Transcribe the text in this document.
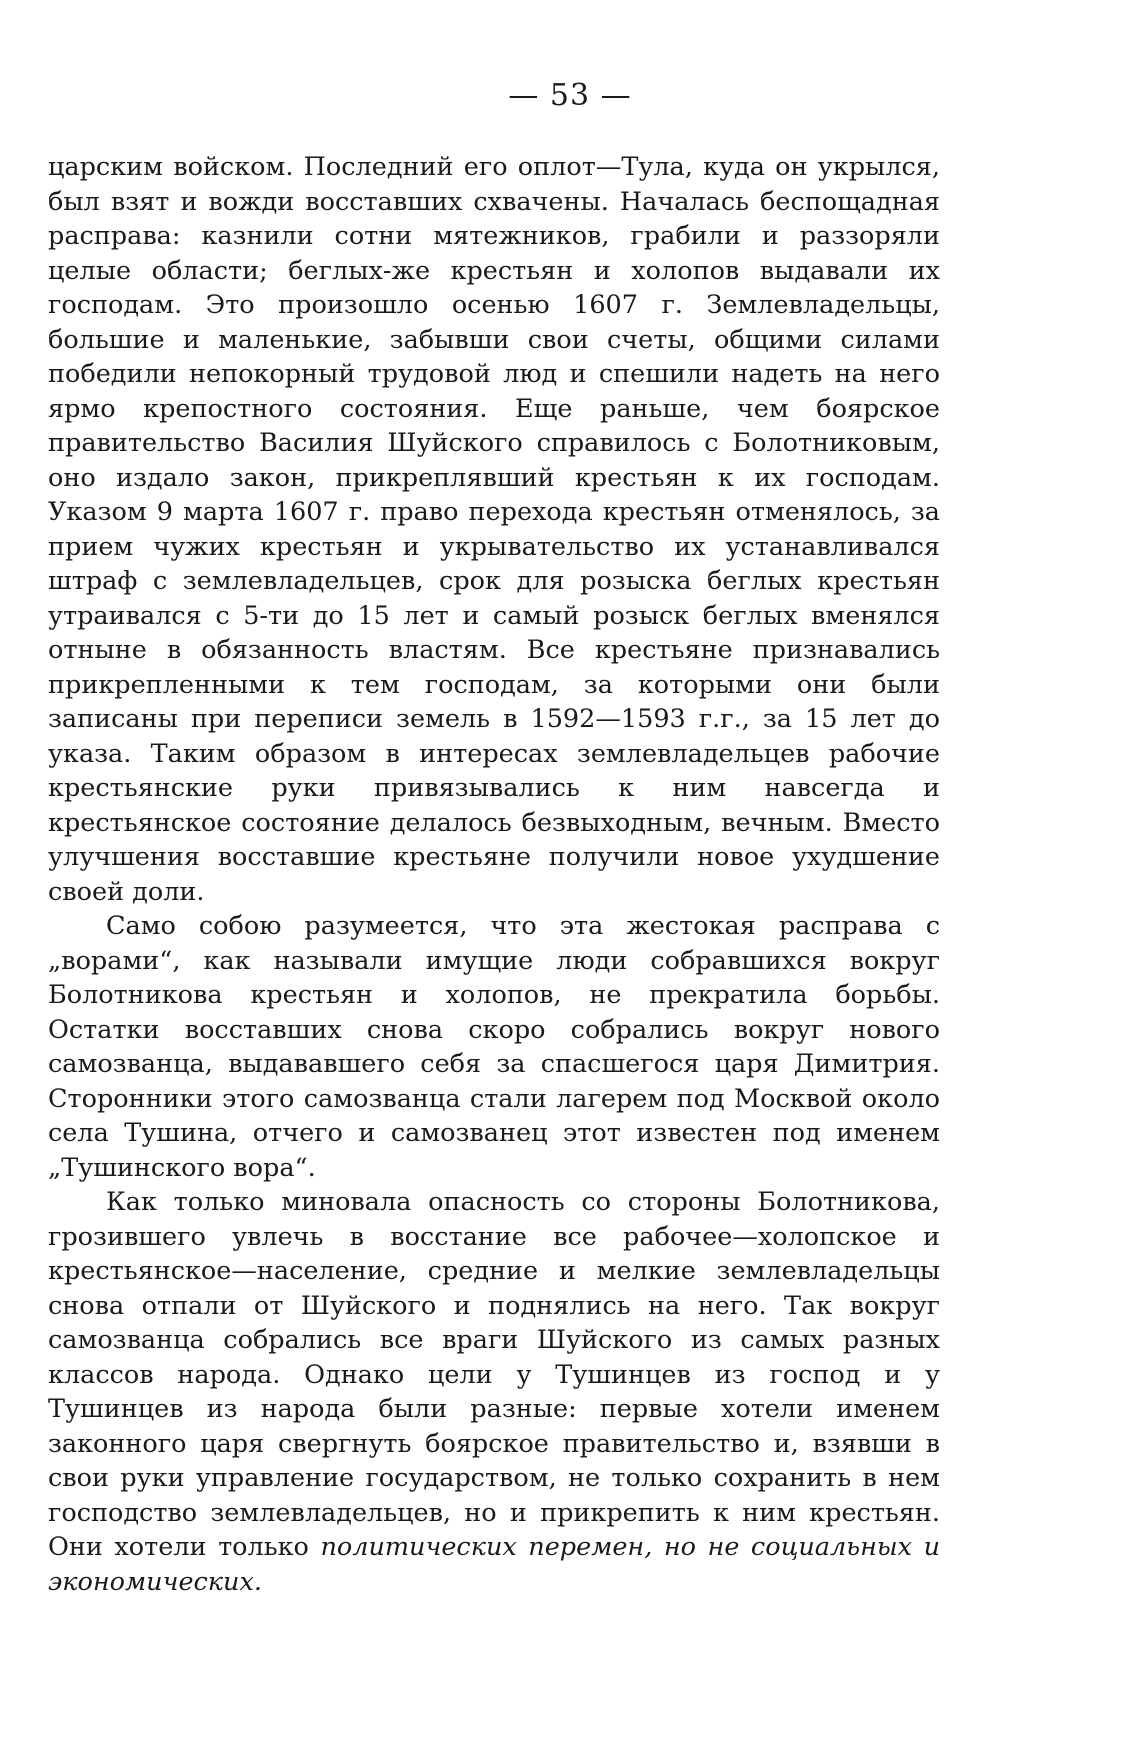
— 53 —

царским войском. Последний его оплот—Тула, куда он укрылся, был взят и вожди восставших схвачены. Началась беспощадная расправа: казнили сотни мятежников, грабили и раззоряли целые области; беглых-же крестьян и холопов выдавали их господам. Это произошло осенью 1607 г. Землевладельцы, большие и маленькие, забывши свои счеты, общими силами победили непокорный трудовой люд и спешили надеть на него ярмо крепостного состояния. Еще раньше, чем боярское правительство Василия Шуйского справилось с Болотниковым, оно издало закон, прикреплявший крестьян к их господам. Указом 9 марта 1607 г. право перехода крестьян отменялось, за прием чужих крестьян и укрывательство их устанавливался штраф с землевладельцев, срок для розыска беглых крестьян утраивался с 5-ти до 15 лет и самый розыск беглых вменялся отныне в обязанность властям. Все крестьяне признавались прикрепленными к тем господам, за которыми они были записаны при переписи земель в 1592—1593 г.г., за 15 лет до указа. Таким образом в интересах землевладельцев рабочие крестьянские руки привязывались к ним навсегда и крестьянское состояние делалось безвыходным, вечным. Вместо улучшения восставшие крестьяне получили новое ухудшение своей доли.

Само собою разумеется, что эта жестокая расправа с „ворами“, как называли имущие люди собравшихся вокруг Болотникова крестьян и холопов, не прекратила борьбы. Остатки восставших снова скоро собрались вокруг нового самозванца, выдававшего себя за спасшегося царя Димитрия. Сторонники этого самозванца стали лагерем под Москвой около села Тушина, отчего и самозванец этот известен под именем „Тушинского вора“.

Как только миновала опасность со стороны Болотникова, грозившего увлечь в восстание все рабочее—холопское и крестьянское—население, средние и мелкие землевладельцы снова отпали от Шуйского и поднялись на него. Так вокруг самозванца собрались все враги Шуйского из самых разных классов народа. Однако цели у Тушинцев из господ и у Тушинцев из народа были разные: первые хотели именем законного царя свергнуть боярское правительство и, взявши в свои руки управление государством, не только сохранить в нем господство землевладельцев, но и прикрепить к ним крестьян. Они хотели только политических перемен, но не социальных и экономических.
